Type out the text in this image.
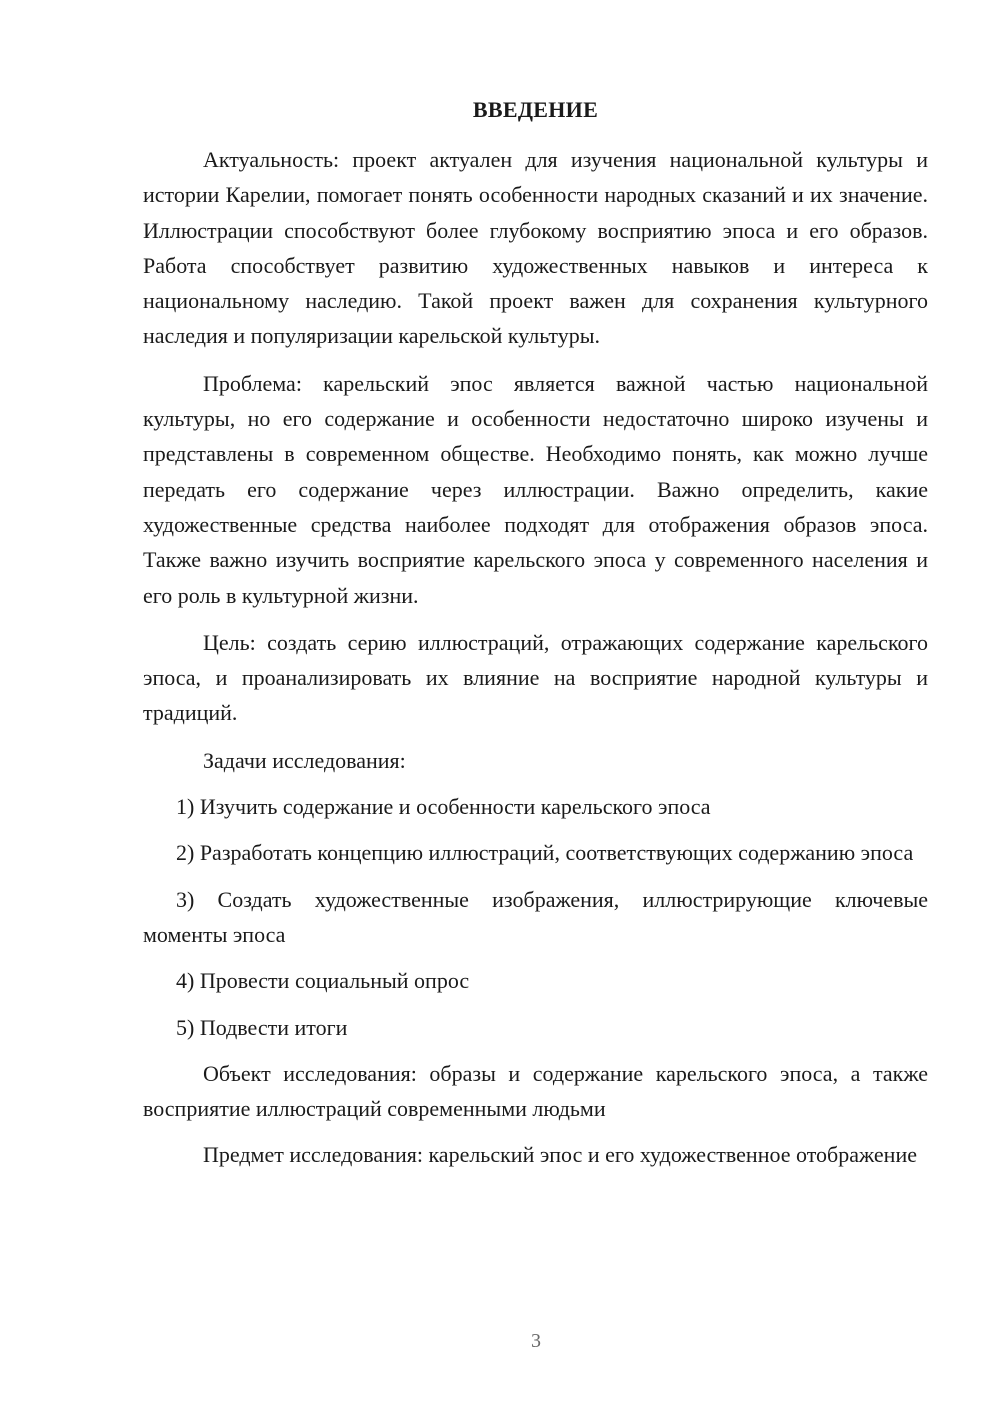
ВВЕДЕНИЕ

Актуальность: проект актуален для изучения национальной культуры и истории Карелии, помогает понять особенности народных сказаний и их значение. Иллюстрации способствуют более глубокому восприятию эпоса и его образов. Работа способствует развитию художественных навыков и интереса к национальному наследию. Такой проект важен для сохранения культурного наследия и популяризации карельской культуры.

Проблема: карельский эпос является важной частью национальной культуры, но его содержание и особенности недостаточно широко изучены и представлены в современном обществе. Необходимо понять, как можно лучше передать его содержание через иллюстрации. Важно определить, какие художественные средства наиболее подходят для отображения образов эпоса. Также важно изучить восприятие карельского эпоса у современного населения и его роль в культурной жизни.

Цель: создать серию иллюстраций, отражающих содержание карельского эпоса, и проанализировать их влияние на восприятие народной культуры и традиций.

Задачи исследования:

1) Изучить содержание и особенности карельского эпоса

2) Разработать концепцию иллюстраций, соответствующих содержанию эпоса

3) Создать художественные изображения, иллюстрирующие ключевые моменты эпоса

4) Провести социальный опрос

5) Подвести итоги

Объект исследования: образы и содержание карельского эпоса, а также восприятие иллюстраций современными людьми

Предмет исследования: карельский эпос и его художественное отображение

3
